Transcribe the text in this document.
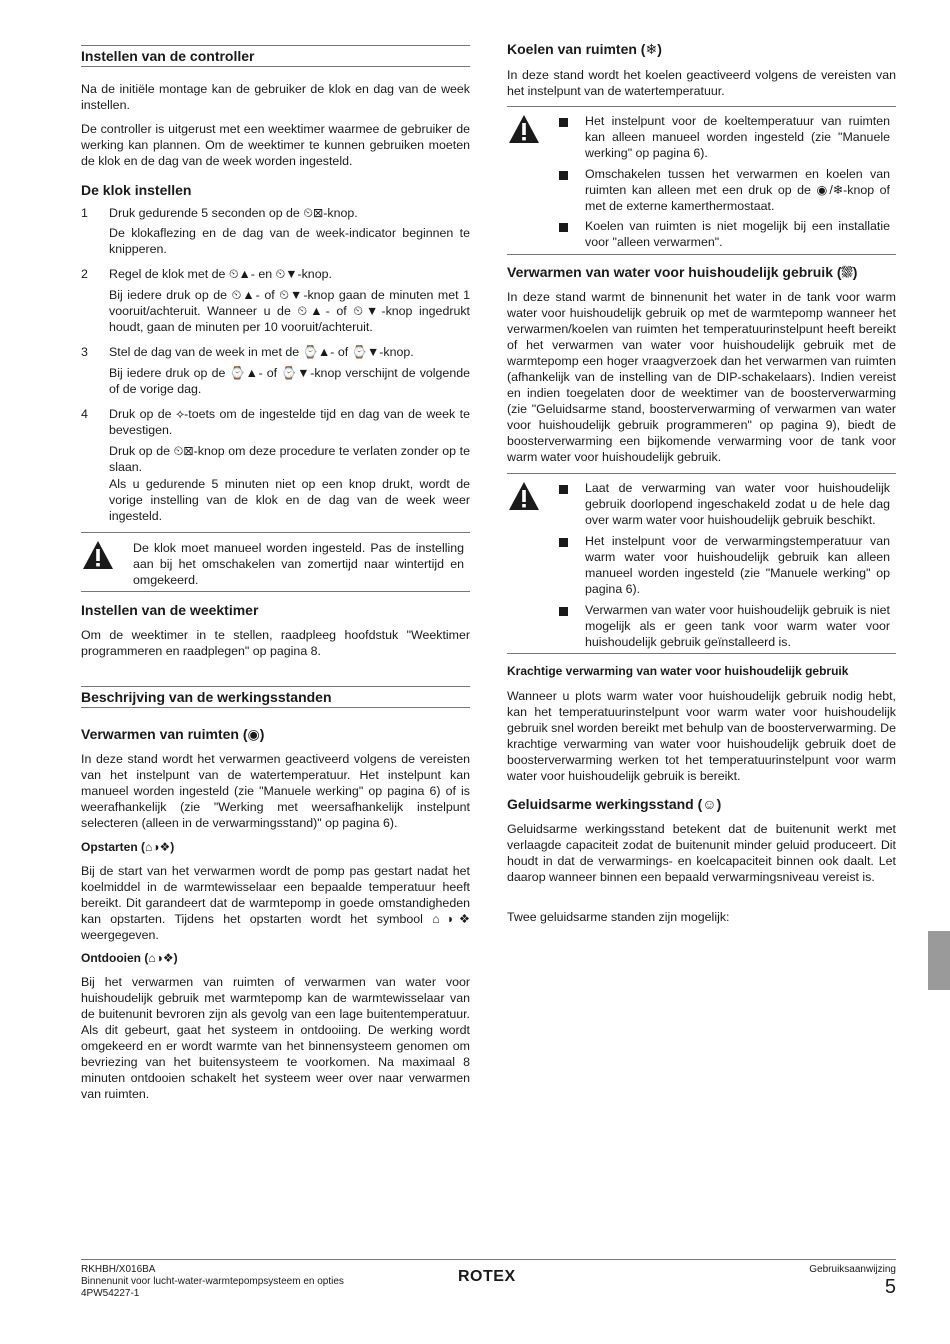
Instellen van de controller

Na de initiële montage kan de gebruiker de klok en dag van de week instellen.

De controller is uitgerust met een weektimer waarmee de gebruiker de werking kan plannen. Om de weektimer te kunnen gebruiken moeten de klok en de dag van de week worden ingesteld.

De klok instellen
1 Druk gedurende 5 seconden op de ⏲⊠-knop.

De klokaflezing en de dag van de week-indicator beginnen te knipperen.

2 Regel de klok met de ⏲▲- en ⏲▼-knop.

Bij iedere druk op de ⏲▲- of ⏲▼-knop gaan de minuten met 1 vooruit/achteruit. Wanneer u de ⏲▲- of ⏲▼-knop ingedrukt houdt, gaan de minuten per 10 vooruit/achteruit.

3 Stel de dag van de week in met de ⌚▲- of ⌚▼-knop.

Bij iedere druk op de ⌚▲- of ⌚▼-knop verschijnt de volgende of de vorige dag.

4 Druk op de ⟡-toets om de ingestelde tijd en dag van de week te bevestigen.

Druk op de ⏲⊠-knop om deze procedure te verlaten zonder op te slaan.

Als u gedurende 5 minuten niet op een knop drukt, wordt de vorige instelling van de klok en de dag van de week weer ingesteld.

De klok moet manueel worden ingesteld. Pas de instelling aan bij het omschakelen van zomertijd naar wintertijd en omgekeerd.

Instellen van de weektimer

Om de weektimer in te stellen, raadpleeg hoofdstuk "Weektimer programmeren en raadplegen" op pagina 8.

Beschrijving van de werkingsstanden
Verwarmen van ruimten (◉)

In deze stand wordt het verwarmen geactiveerd volgens de vereisten van het instelpunt van de watertemperatuur. Het instelpunt kan manueel worden ingesteld (zie "Manuele werking" op pagina 6) of is weerafhankelijk (zie "Werking met weersafhankelijk instelpunt selecteren (alleen in de verwarmingsstand)" op pagina 6).

Opstarten (⌂◑❖)

Bij de start van het verwarmen wordt de pomp pas gestart nadat het koelmiddel in de warmtewisselaar een bepaalde temperatuur heeft bereikt. Dit garandeert dat de warmtepomp in goede omstandigheden kan opstarten. Tijdens het opstarten wordt het symbool ⌂◑❖ weergegeven.

Ontdooien (⌂◑❖)

Bij het verwarmen van ruimten of verwarmen van water voor huishoudelijk gebruik met warmtepomp kan de warmtewisselaar van de buitenunit bevroren zijn als gevolg van een lage buitentemperatuur. Als dit gebeurt, gaat het systeem in ontdooiing. De werking wordt omgekeerd en er wordt warmte van het binnensysteem genomen om bevriezing van het buitensysteem te voorkomen. Na maximaal 8 minuten ontdooien schakelt het systeem weer over naar verwarmen van ruimten.

Koelen van ruimten (❄)

In deze stand wordt het koelen geactiveerd volgens de vereisten van het instelpunt van de watertemperatuur.

Het instelpunt voor de koeltemperatuur van ruimten kan alleen manueel worden ingesteld (zie "Manuele werking" op pagina 6).

Omschakelen tussen het verwarmen en koelen van ruimten kan alleen met een druk op de ◉/❄-knop of met de externe kamerthermostaat.

Koelen van ruimten is niet mogelijk bij een installatie voor "alleen verwarmen".

Verwarmen van water voor huishoudelijk gebruik (⛆)

In deze stand warmt de binnenunit het water in de tank voor warm water voor huishoudelijk gebruik op met de warmtepomp wanneer het verwarmen/koelen van ruimten het temperatuurinstelpunt heeft bereikt of het verwarmen van water voor huishoudelijk gebruik met de warmtepomp een hoger vraagverzoek dan het verwarmen van ruimten (afhankelijk van de instelling van de DIP-schakelaars). Indien vereist en indien toegelaten door de weektimer van de boosterverwarming (zie "Geluidsarme stand, boosterverwarming of verwarmen van water voor huishoudelijk gebruik programmeren" op pagina 9), biedt de boosterverwarming een bijkomende verwarming voor de tank voor warm water voor huishoudelijk gebruik.

Laat de verwarming van water voor huishoudelijk gebruik doorlopend ingeschakeld zodat u de hele dag over warm water voor huishoudelijk gebruik beschikt.

Het instelpunt voor de verwarmingstemperatuur van warm water voor huishoudelijk gebruik kan alleen manueel worden ingesteld (zie "Manuele werking" op pagina 6).

Verwarmen van water voor huishoudelijk gebruik is niet mogelijk als er geen tank voor warm water voor huishoudelijk gebruik geïnstalleerd is.

Krachtige verwarming van water voor huishoudelijk gebruik

Wanneer u plots warm water voor huishoudelijk gebruik nodig hebt, kan het temperatuurinstelpunt voor warm water voor huishoudelijk gebruik snel worden bereikt met behulp van de boosterverwarming. De krachtige verwarming van water voor huishoudelijk gebruik doet de boosterverwarming werken tot het temperatuurinstelpunt voor warm water voor huishoudelijk gebruik is bereikt.

Geluidsarme werkingsstand (☺)

Geluidsarme werkingsstand betekent dat de buitenunit werkt met verlaagde capaciteit zodat de buitenunit minder geluid produceert. Dit houdt in dat de verwarmings- en koelcapaciteit binnen ook daalt. Let daarop wanneer binnen een bepaald verwarmingsniveau vereist is.

Twee geluidsarme standen zijn mogelijk:

RKHBH/X016BA
Binnenunit voor lucht-water-warmtepompsysteem en opties
4PW54227-1
ROTEX	Gebruiksaanwijzing
5
